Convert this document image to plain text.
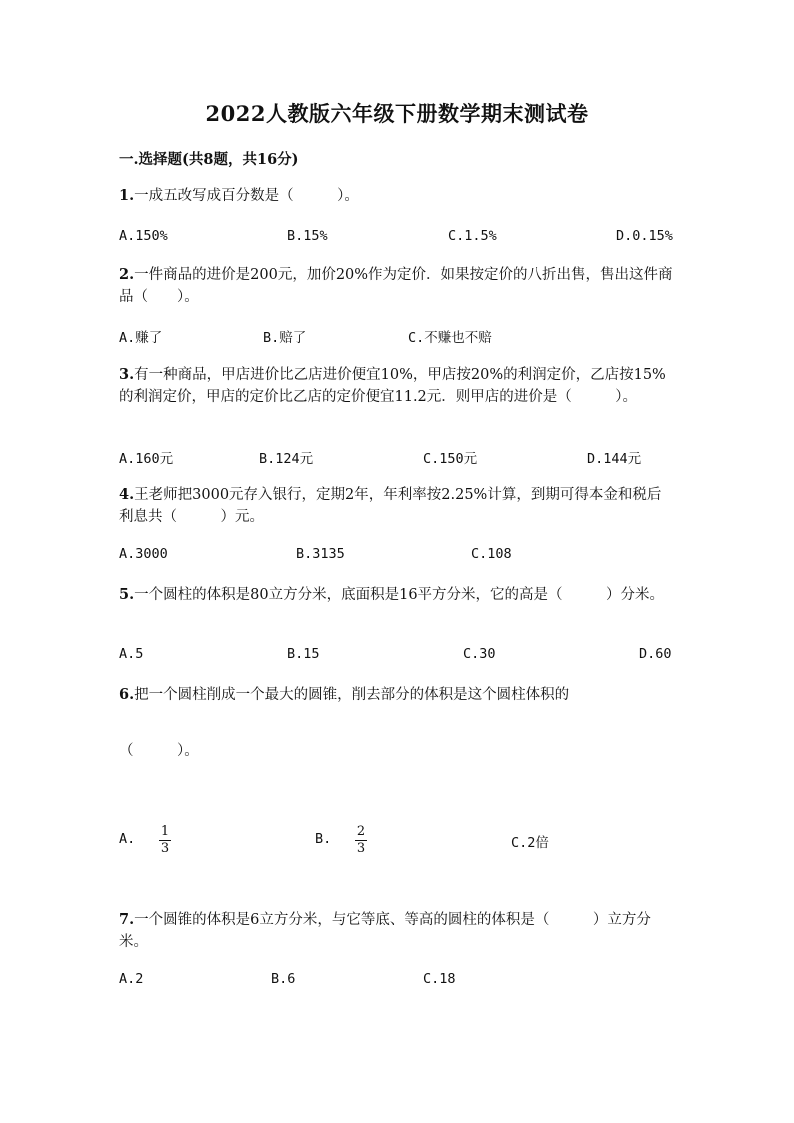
2022人教版六年级下册数学期末测试卷
一.选择题(共8题，共16分)
1.一成五改写成百分数是（　　　）。
A.150%	B.15%	C.1.5%	D.0.15%
2.一件商品的进价是200元，加价20%作为定价．如果按定价的八折出售，售出这件商品（　　）。
A.赚了	B.赔了	C.不赚也不赔
3.有一种商品，甲店进价比乙店进价便宜10%，甲店按20%的利润定价，乙店按15%的利润定价，甲店的定价比乙店的定价便宜11.2元．则甲店的进价是（　　　）。
A.160元	B.124元	C.150元	D.144元
4.王老师把3000元存入银行，定期2年，年利率按2.25%计算，到期可得本金和税后利息共（　　　）元。
A.3000	B.3135	C.108
5.一个圆柱的体积是80立方分米，底面积是16平方分米，它的高是（　　　）分米。
A.5	B.15	C.30	D.60
6.把一个圆柱削成一个最大的圆锥，削去部分的体积是这个圆柱体积的
（　　　）。
A. 1
3
B. 2
3	C.2倍
7.一个圆锥的体积是6立方分米，与它等底、等高的圆柱的体积是（　　　）立方分米。
A.2	B.6	C.18
